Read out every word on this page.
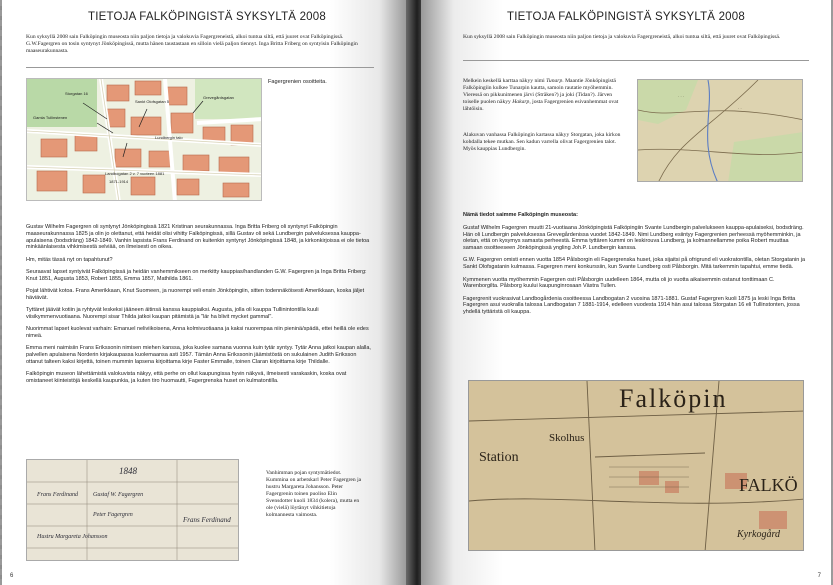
TIETOJA FALKÖPINGISTÄ SYKSYLTÄ 2008
Kun syksyllä 2008 sain Falköpingin museosta niin paljon tietoja ja valokuvia Fagergreneistä, alkoi tuntua siltä, että juuret ovat Falköpingissä. G.W.Fagergren on tosin syntynyt Jönköpingissä, mutta hänen taustastaan en silloin vielä paljon tiennyt. Inga Britta Friberg on syntyisin Falköpingin maaseurakunnasta.
Storgatan 16
Sankt Olofsgatan 5
Gamla Tullinstenen
Lundbergin talo
Grevegårdsgatan
Landbogatan 2 v. 7 vuoteen 1881
1871-1914
Fagergrenien osoitteita.

Gustav Wilhelm Fagergren oli syntynyt Jönköpingissä 1821 Kristinan seurakunnassa. Inga Britta Friberg oli syntynyt Falköpingin maaseurakunnassa 1825 ja olin jo olettanut, että heidät olisi vihitty Falköpingissä, sillä Gustav oli sekä Lundbergin palveluksessa kauppa-apulaisena (bodsdräng) 1842-1849. Vanhin lapsista Frans Ferdinand on kuitenkin syntynyt Jönköpingissä 1848, ja kirkonkirjoissa ei ole tietoa minkäänlaisesta vihkimisestä selviää, on ilmeisesti on oikea.

Hm, mitäs tässä nyt on tapahtunut?

Seuraavat lapset syntyivät Falköpingissä ja heidän vanhemmikseen on merkitty kauppias/handlanden G.W. Fagergren ja Inga Britta Friberg: Knut 1851, Augusta 1853, Robert 1855, Emma 1857, Mathilda 1861.

Pojat lähtivät kotoa. Frans Amerikkaan, Knut Suomeen, ja nuorempi veli ensin Jönköpingiin, sitten todennäköisesti Amerikkaan, koska jäljet häviävät.

Tyttäret jäävät kotiin ja ryhtyvät leskeksi jääneen äitinsä kanssa kauppiaiksi. Augusta, jolla oli kauppa Tullinintontilla kuuli viisikymmenvuotiaana. Nuorempi sisar Thilda jatkoi kaupan pitämistä ja "lär ha blivit mycket gammal".

Nuorimmat lapset kuolevat varhain: Emanuel neliviikoisena, Anna kolmivuotiaana ja kaksi nuorempaa niin pieninä/spädä, ettei heillä ole edes nimeä.

Emma meni naimisiin Frans Erikssonin nimisen miehen kanssa, joka kuolee samana vuonna kuin tytär syntyy. Tytär Anna jatkoi kaupan alalla, palvellen apulaisena Norderin kirjakaupassa kuolemaansa asti 1957. Tämän Anna Erikssonin jäämistöstä on sukulainen Judith Eriksson ottanut talteen kaksi kirjettä, toinen mummin lapsena kirjoittama kirje Faster Emmalle, toinen Claran kirjoittama kirje Thildalle.

Falköpingin museon lähettämistä valokuvista näkyy, että perhe on ollut kaupungissa hyvin näkyvä, ilmeisesti varakaskin, koska ovat omistaneet kiinteistöjä keskellä kaupunkia, ja kuten tiro huomautti, Fagergrenska huset on kulmatontilla.

1848
Frans Ferdinand	Gustaf W. Fagergren
Peter Fagergren
Hustru Margareta Johansson
Frans Ferdinand
Vanhimman pojan syntymätiedot. Kummina on arbetskarl Peter Fagergren ja hustru Margareta Johansson. Peter Fagergrenin toinen puoliso Elin Svensdotter kuoli 1834 (kolera), mutta en ole (vielä) löytänyt vihkitietoja kolmannesta vaimosta.
6
TIETOJA FALKÖPINGISTÄ SYKSYLTÄ 2008
Kun syksyllä 2008 sain Falköpingin museosta niin paljon tietoja ja valokuvia Fagergreneistä, alkoi tuntua siltä, että juuret ovat Falköpingissä.
Melkein keskellä karttaa näkyy nimi Tunarp. Maantie Jönköpingistä Falköpingiin kulkee Tunarpin kautta, samoin rautatie myöhemmin. Vieressä on pikkunimenen järvi (Sträken?) ja joki (Tidan?). Järven toiselle puolen näkyy Hakarp, josta Fagergrenien esivanhemmat ovat lähtöisin.
Alakuvan vanhassa Falköpingin kartassa näkyy Storgatan, joka kirkon kohdalla tekee mutkan. Sen kadun varrella olivat Fagergrenien talot. Myös kauppias Lundbergin.
· · ·
· ·

Nämä tiedot saimme Falköpingin museosta:

Gustaf Wilhelm Fagergren muutti 21-vuotiaana Jönköpingistä Falköpingiin Svante Lundbergin palvelukseen kauppa-apulaiseksi, bodsdräng. Hän oli Lundbergin palveluksessa Grevegårdenissa vuodet 1842-1849. Nimi Lundberg esiintyy Fagergrenien perheessä myöhemminkin, ja oletan, että on kysymys samasta perheestä. Emma tyttären kummi on leskirouva Lundberg, ja kolmannellamme poika Robert muuttaa samaan osoitteeseen Jönköpingissä yngling Joh.P. Lundbergin kanssa.

G.W. Fagergren omisti ennen vuotta 1854 Pålsborgin eli Fagergrenska huset, joka sijaitsi på ofrigrund eli vuokratontilla, oletan Storgatanin ja Sankt Olofsgatanin kulmassa. Fagergren meni konkurssiin, kun Svante Lundberg osti Pålsborgin. Mitä tarkemmin tapahtui, emme tiedä.

Kymmenen vuotta myöhemmin Fagergren osti Pålsborgin uudelleen 1864, mutta oli jo vuotta aikaisemmin ostanut tonttimaan C. Warenborgilta. Pålsborg kuului kaupunginrosaan Västra Tullen.

Fagergrenit vuokrasivat Landbogårdenia osoitteessa Landbogatan 2 vuosina 1871-1881. Gustaf Fagergren kuoli 1875 ja leski Inga Britta Fagergren asui vuokralla talossa Landbogatan 7 1881-1914, edelleen vuodesta 1914 hän asui talossa Storgatan 16 eli Tullinstonten, jossa yhdellä tyttäristä oli kauppa.

Falköpin
Skolhus
Station
FALKÖ
Kyrkogård
7
